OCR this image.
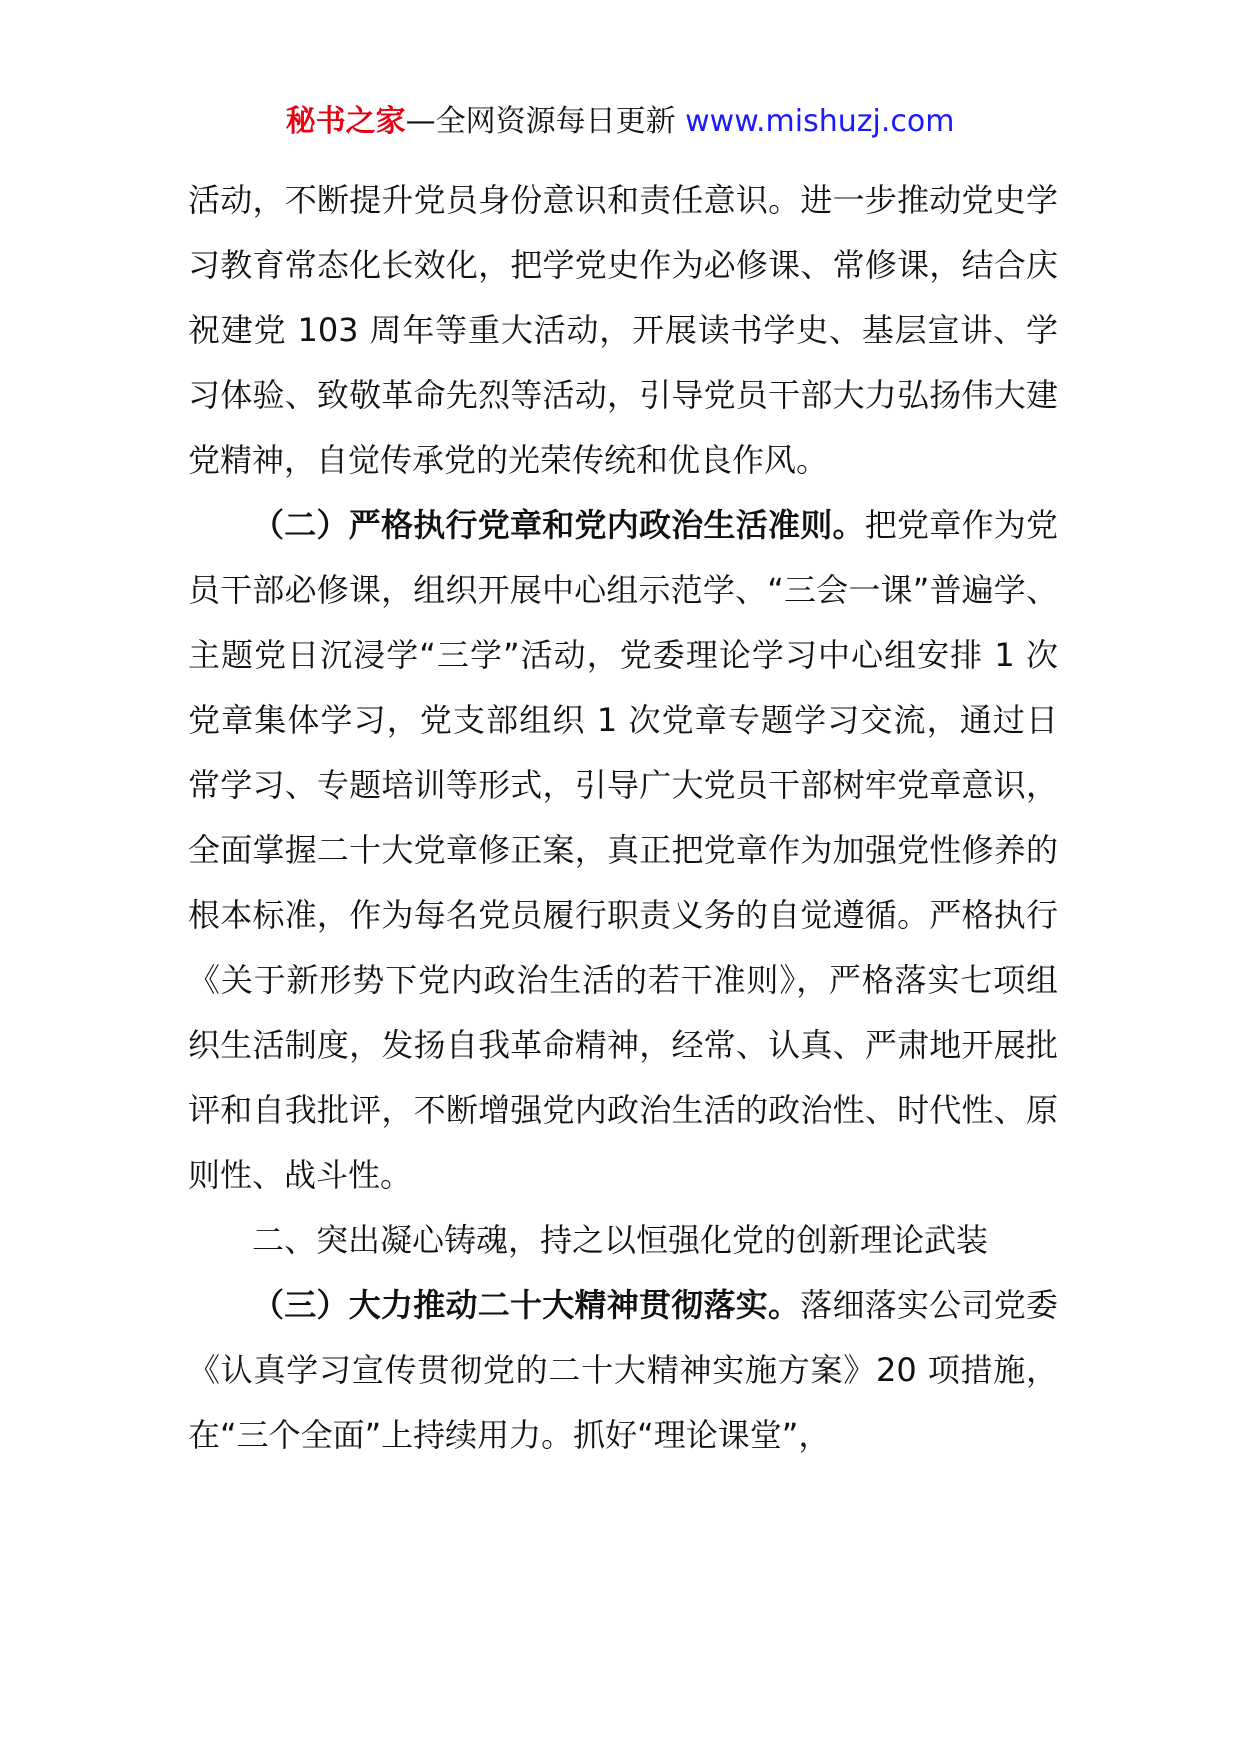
秘书之家—全网资源每日更新 www.mishuzj.com

活动，不断提升党员身份意识和责任意识。进一步推动党史学习教育常态化长效化，把学党史作为必修课、常修课，结合庆祝建党 103 周年等重大活动，开展读书学史、基层宣讲、学习体验、致敬革命先烈等活动，引导党员干部大力弘扬伟大建党精神，自觉传承党的光荣传统和优良作风。

（二）严格执行党章和党内政治生活准则。把党章作为党员干部必修课，组织开展中心组示范学、“三会一课”普遍学、主题党日沉浸学“三学”活动，党委理论学习中心组安排 1 次党章集体学习，党支部组织 1 次党章专题学习交流，通过日常学习、专题培训等形式，引导广大党员干部树牢党章意识，全面掌握二十大党章修正案，真正把党章作为加强党性修养的根本标准，作为每名党员履行职责义务的自觉遵循。严格执行《关于新形势下党内政治生活的若干准则》，严格落实七项组织生活制度，发扬自我革命精神，经常、认真、严肃地开展批评和自我批评，不断增强党内政治生活的政治性、时代性、原则性、战斗性。

二、突出凝心铸魂，持之以恒强化党的创新理论武装

（三）大力推动二十大精神贯彻落实。落细落实公司党委《认真学习宣传贯彻党的二十大精神实施方案》20 项措施，在“三个全面”上持续用力。抓好“理论课堂”，
